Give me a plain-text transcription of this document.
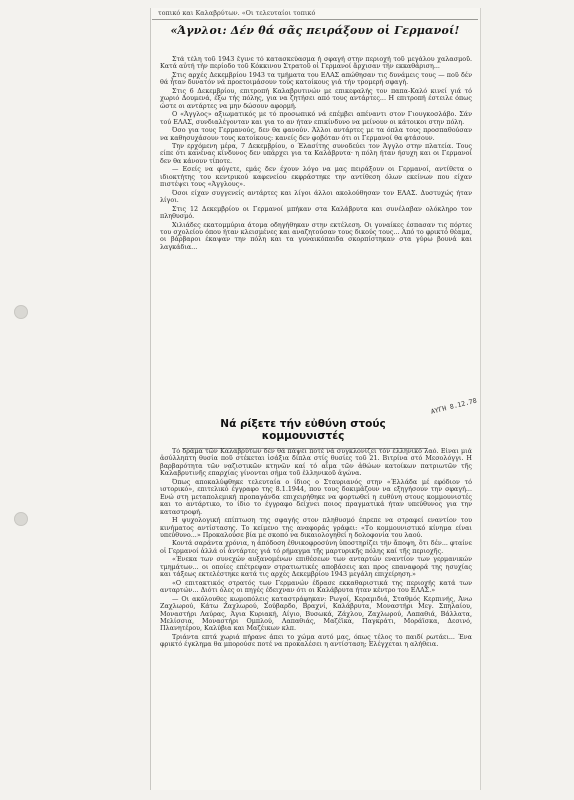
τοπικό και Καλαβρύτων. «Οι τελευταίοι τοπικό
«Άγνλοι: Δέν θά σᾶς πειράξουν οἱ Γερμανοί!

Στά τέλη τοῦ 1943 ἔγινε τό κατασκεύασμα ἡ σφαγή στην περιοχή τοῦ μεγάλου χαλασμοῦ. Κατά αὐτή τήν περίοδο τοῦ Κόκκινου Στρατοῦ οἱ Γερμανοί ἄρχισαν τήν εκκαθάριση...

Στις αρχές Δεκεμβρίου 1943 τα τμήματα του ΕΛΑΣ απώθησαν τις δυνάμεις τους — ποῦ δέν θά ἦταν δυνατόν νά προετοιμάσουν τούς κατοίκους γιά τήν τρομερή σφαγή.

Στις 6 Δεκεμβρίου, επιτροπή Καλαβρυτινών με επικεφαλής τον παπα-Καλό κινεί γιά τό χωριό Δουμενά, έξω τής πόλης, για να ζητήσει από τους αντάρτες... Η επιτροπή έστειλε όπως ώστε οι αντάρτες να μην δώσουν αφορμή.

Ο «Άγγλος» αξιωματικός με τό προσωπικό νά επέμβει απέναντι στον Γιουγκοσλάβο. Σάν τού ΕΛΑΣ, συνδιαλέγονταν και για το αν ήταν επικίνδυνο να μείνουν οι κάτοικοι στην πόλη.

Όσο για τους Γερμανούς, δεν θα φανούν. Άλλοι αντάρτες με τα όπλα τους προσπαθούσαν να καθησυχάσουν τους κατοίκους: κανείς δεν φοβόταν ότι οι Γερμανοί θα φτάσουν.

Την ερχόμενη μέρα, 7 Δεκεμβρίου, ο Έλασίτης συνοδεύει τον Άγγλο στην πλατεία. Τους είπε ότι κανένας κίνδυνος δεν υπάρχει για τα Καλάβρυτα· η πόλη ήταν ήσυχη και οι Γερμανοί δεν θα κάνουν τίποτε.

— Εσείς να φύγετε, εμάς δεν έχουν λόγο να μας πειράξουν οι Γερμανοί, αντίθετα ο ιδιοκτήτης του κεντρικού καφενείου εκφράστηκε την αντίθεση όλων εκείνων που είχαν πιστέψει τους «Άγγλους».

Όσοι είχαν συγγενείς αντάρτες και λίγοι άλλοι ακολούθησαν τον ΕΛΑΣ. Δυστυχώς ήταν λίγοι.

Στις 12 Δεκεμβρίου οι Γερμανοί μπήκαν στα Καλάβρυτα και συνέλαβαν ολόκληρο τον πληθυσμό.

Χιλιάδες εκατομμύρια άτομα οδηγήθηκαν στην εκτέλεση. Οι γυναίκες έσπασαν τις πόρτες του σχολείου όπου ήταν κλεισμένες και αναζητούσαν τους δικούς τους... Από το φρικτό θέαμα, οι βάρβαροι έκαψαν την πόλη και τα γυναικόπαιδα σκορπίστηκαν στα γύρω βουνά και λαγκάδια...

Νά ρίξετε τήν εὐθύνη στούς κομμουνιστές
ΑΥΓΗ 8.12.78

Τό δράμα τῶν Καλαβρύτων δέν θά πάψει ποτέ νά συγκλονίζει τόν ἑλληνικό λαό. Εἶναι μιά ἀσύλληπτη θυσία ποῦ στέκεται ἰσάξια δίπλα στίς θυσίες τοῦ 21. Βιτρίνα στό Μεσολόγγι. Η βαρβαρότητα τῶν ναζιστικῶν κτηνῶν καί τό αἷμα τῶν ἀθώων κατοίκων πατριωτῶν τῆς Καλαβρυτινῆς επαρχίας γίνονται σήμα τοῦ ἑλληνικοῦ ἀγώνα.

Όπως αποκαλύφθηκε τελευταία ο ίδιος ο Σταυριανός στην «Έλλάδα μέ εφόδιον τό ιστορικό», επιτελικό έγγραφο της 8.1.1944, που τους δοκιμάζουν να εξηγήσουν την σφαγή... Ενώ στη μεταπολεμική προπαγάνδα επιχειρήθηκε να φορτωθεί η ευθύνη στους κομμουνιστές και το αντάρτικο, το ίδιο το έγγραφο δείχνει ποιος πραγματικά ήταν υπεύθυνος για την καταστροφή.

Η ψυχολογική επίπτωση της σφαγής στον πληθυσμό έπρεπε να στραφεί εναντίον του κινήματος αντίστασης. Το κείμενο της αναφοράς γράφει: «Το κομμουνιστικό κίνημα είναι υπεύθυνο...» Προκαλούσε βία με σκοπό να δικαιολογηθεί η δολοφονία του λαού.

Κοντά σαράντα χρόνια, η ἀπόδοση ἐθνικοφροσύνη ὑποστηρίζει τήν ἄποψη, ὅτι δέν... φταίνε οἱ Γερμανοί ἀλλά οἱ ἀντάρτες γιά τό ρήμαγμα τῆς μαρτυρικῆς πόλης καί τῆς περιοχῆς.

«Ένεκα των συνεχών αυξανομένων επιθέσεων των ανταρτών εναντίον των γερμανικών τμημάτων... οι οποίες επέτρεψαν στρατιωτικές αποβάσεις και προς επαναφορά της ησυχίας και τάξεως εκτελέστηκε κατά τις αρχές Δεκεμβρίου 1943 μεγάλη επιχείρηση.»

«Ο επιτακτικός στρατός των Γερμανών έδρασε εκκαθαριστικά της περιοχής κατά των ανταρτών... Διότι όλες οι πηγές έδειχναν ότι οι Καλάβρυτα ήταν κέντρο του ΕΛΑΣ.»

— Οι ακόλουθες κωμοπόλεις καταστράφηκαν: Ρωγοί, Κεραμιδιά, Σταθμός Κερπινής, Άνω Ζαχλωρού, Κάτω Ζαχλωρού, Σούβαρδο, Βραχνί, Καλάβρυτα, Μοναστήρι Μεγ. Σπηλαίου, Μοναστήρι Λαύρας, Άγια Κυριακή, Αίγιο, Βυσωκά, Ζάχλου, Ζαχλωρού, Λαπαθιά, Βάλλατα, Μελίσσια, Μοναστήρι Ομπλού, Λαπαθιάς, Μαζέϊκα, Παγκράτι, Μοράϊσκα, Δεσινό, Πλανητέρου, Καλύβια και Μαζέικων κλπ.

Τριάντα επτά χωριά πήρανε άπει το χώμα αυτό μας, όπως τέλος το παιδί ρωτάει... Ένα φρικτό έγκλημα θα μπορούσε ποτέ να προκαλέσει η αντίσταση; Ελέγχεται η αλήθεια.
